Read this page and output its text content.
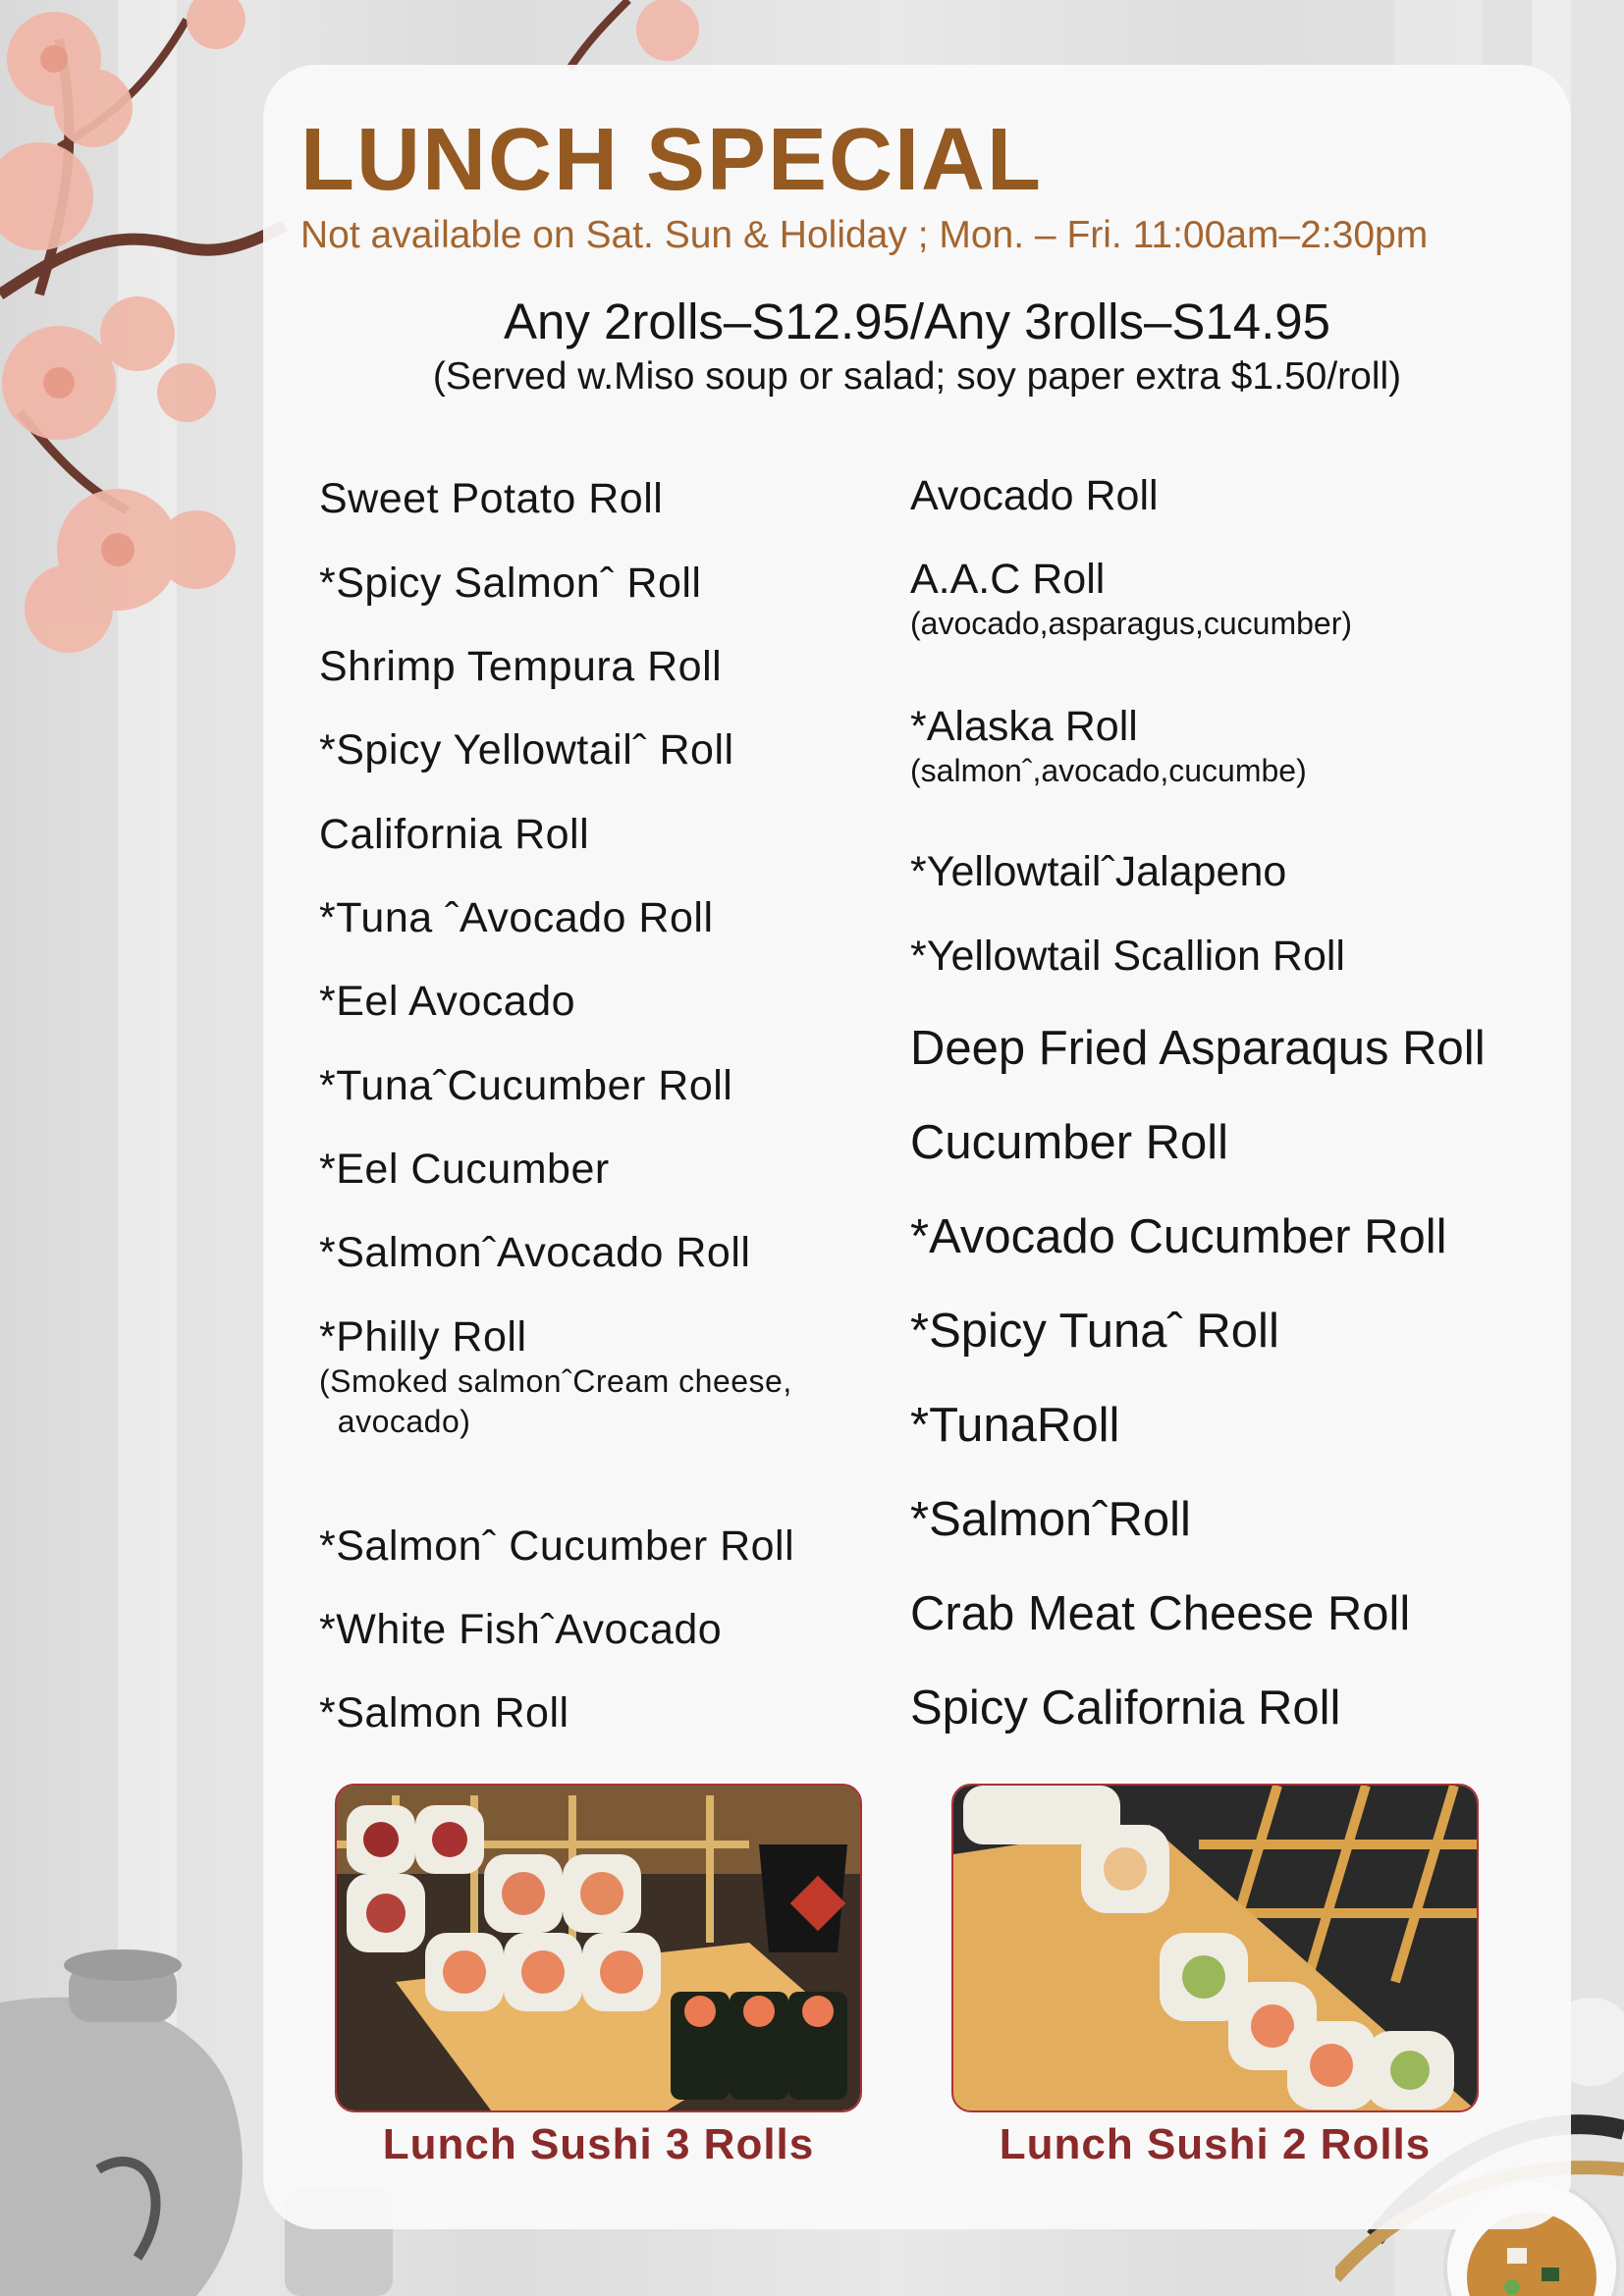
LUNCH SPECIAL
Not available on Sat. Sun & Holiday ; Mon. – Fri. 11:00am–2:30pm
Any 2rolls–S12.95/Any 3rolls–S14.95
(Served w.Miso soup or salad; soy paper extra $1.50/roll)
Sweet Potato Roll
*Spicy Salmonˆ Roll
Shrimp Tempura Roll
*Spicy Yellowtailˆ Roll
California Roll
*Tuna ˆAvocado Roll
*Eel Avocado
*TunaˆCucumber Roll
*Eel Cucumber
*SalmonˆAvocado Roll
*Philly Roll
(Smoked salmonˆCream cheese,
avocado)
*Salmonˆ Cucumber Roll
*White FishˆAvocado
*Salmon Roll
Avocado Roll
A.A.C Roll
(avocado,asparagus,cucumber)
*Alaska Roll
(salmonˆ,avocado,cucumbe)
*YellowtailˆJalapeno
*Yellowtail Scallion Roll
Deep Fried Asparaqus Roll
Cucumber Roll
*Avocado Cucumber Roll
*Spicy Tunaˆ Roll
*TunaRoll
*SalmonˆRoll
Crab Meat Cheese Roll
Spicy California Roll
Lunch Sushi 3 Rolls	Lunch Sushi 2 Rolls
